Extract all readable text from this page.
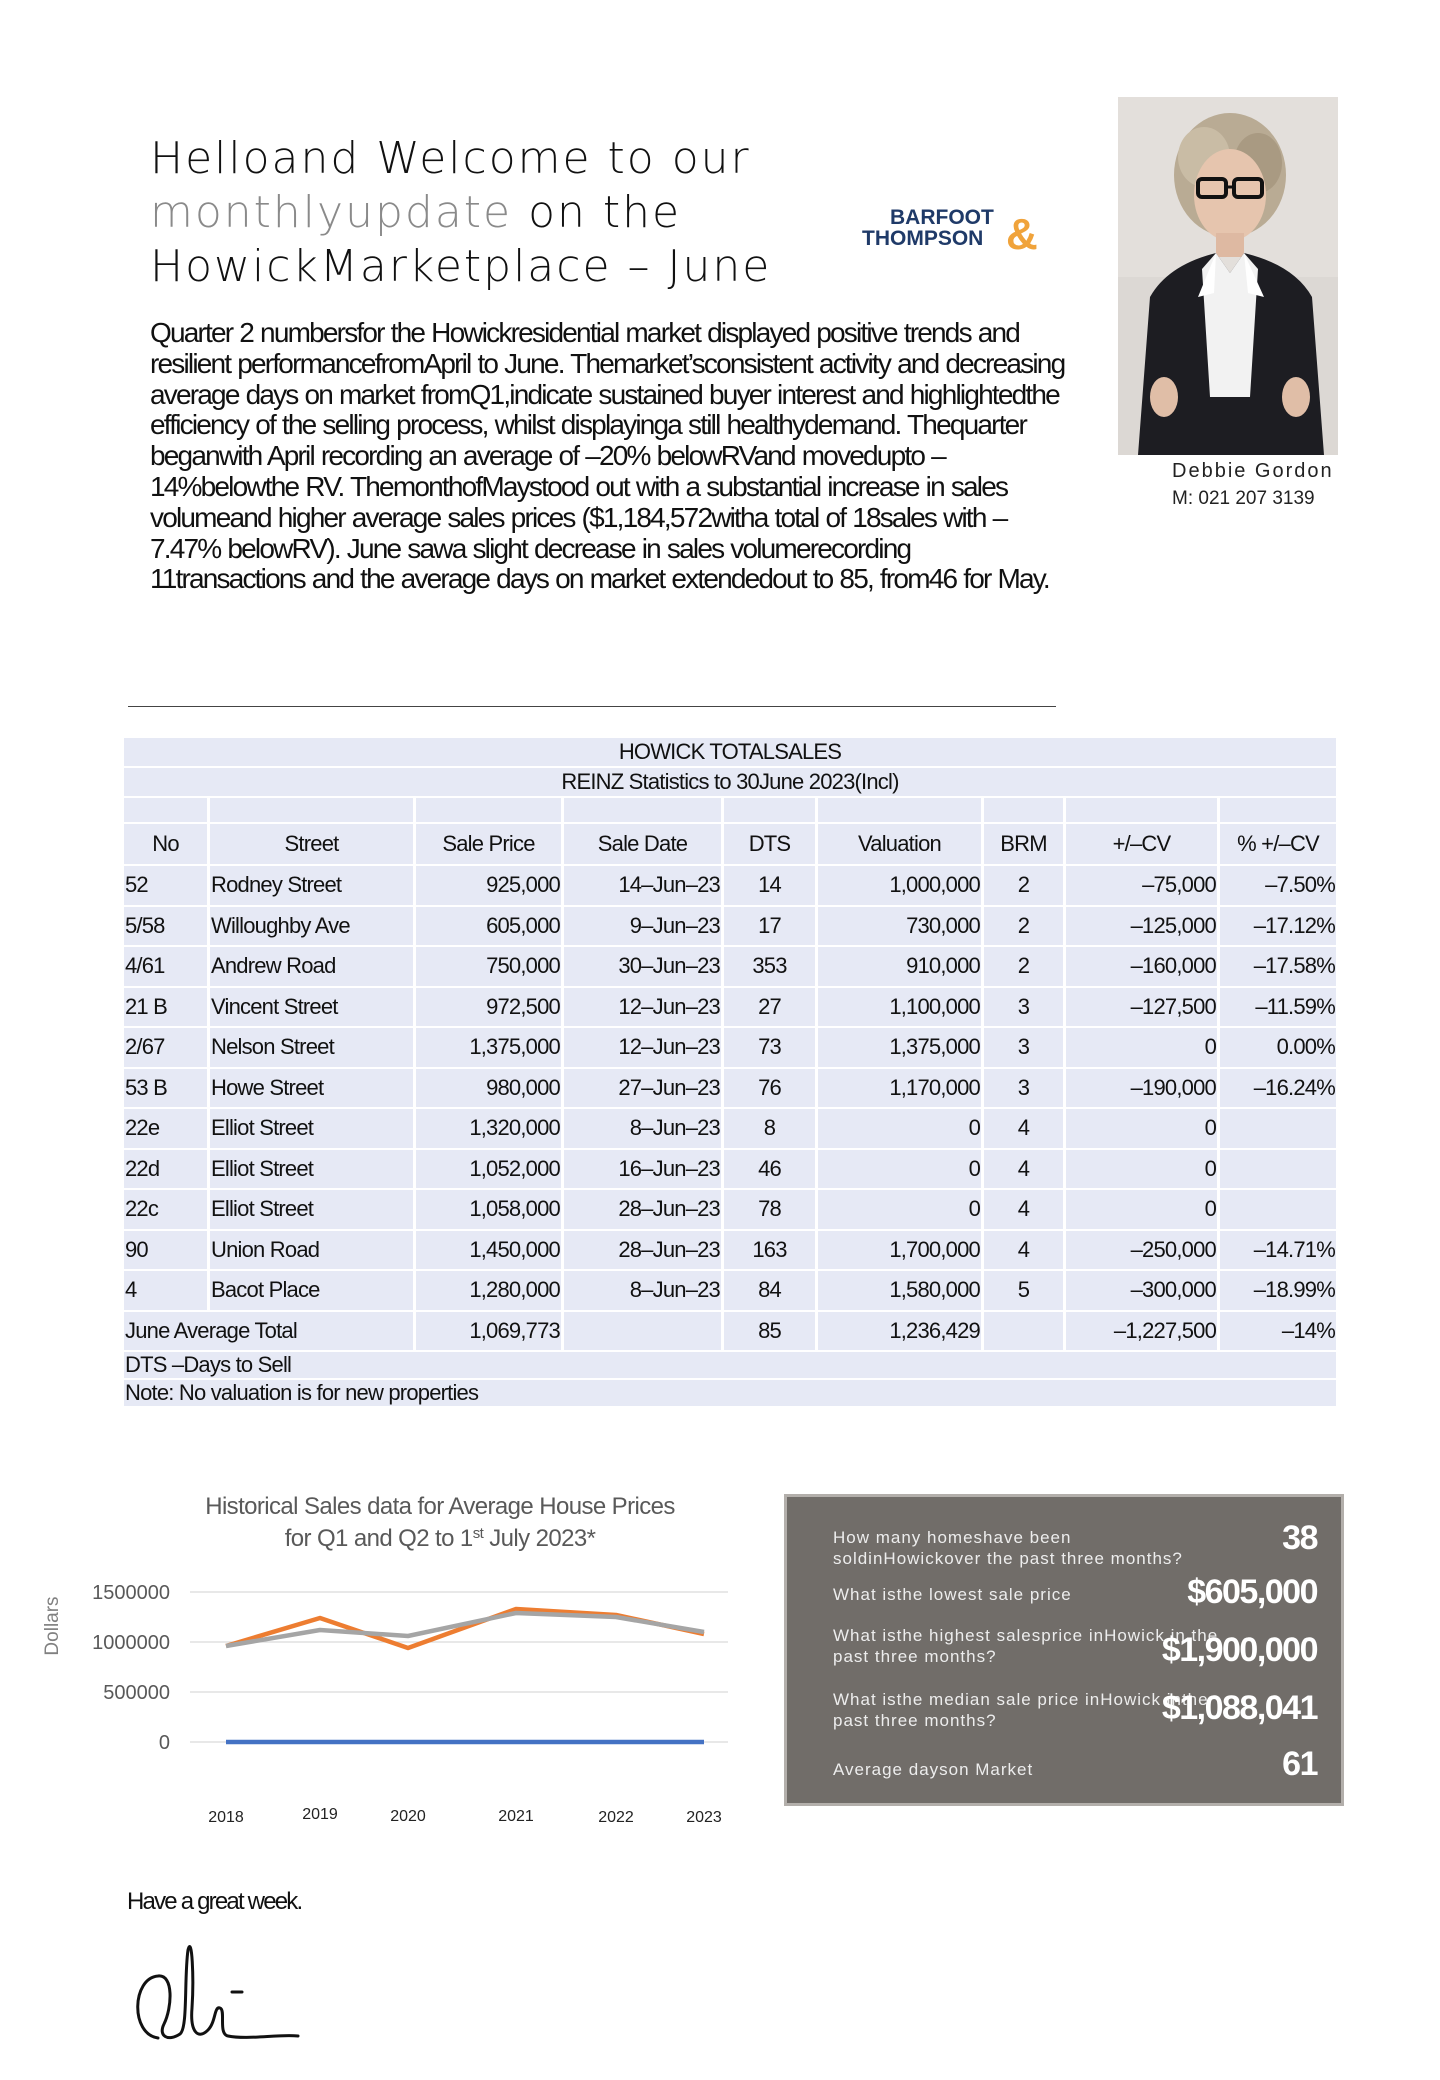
Helloand Welcome to our
monthlyupdate on the
HowickMarketplace – June
BARFOOT
THOMPSON &
Debbie Gordon
M: 021 207 3139
Quarter 2 numbersfor the Howickresidential market displayed positive trends and resilient performancefromApril to June. Themarket’sconsistent activity and decreasing average days on market fromQ1,indicate sustained buyer interest and highlightedthe efficiency of the selling process, whilst displayinga still healthydemand. Thequarter beganwith April recording an average of –20% belowRVand movedupto –14%belowthe RV. ThemonthofMaystood out with a substantial increase in sales volumeand higher average sales prices ($1,184,572witha total of 18sales with –7.47% belowRV). June sawa slight decrease in sales volumerecording 11transactions and the average days on market extendedout to 85, from46 for May.
HOWICK TOTALSALES								
REINZ Statistics to 30June 2023(Incl)								

No	Street	Sale Price	Sale Date	DTS	Valuation	BRM	+/–CV	% +/–CV
52	Rodney Street	925,000	14–Jun–23	14	1,000,000	2	–75,000	–7.50%
5/58	Willoughby Ave	605,000	9–Jun–23	17	730,000	2	–125,000	–17.12%
4/61	Andrew Road	750,000	30–Jun–23	353	910,000	2	–160,000	–17.58%
21 B	Vincent Street	972,500	12–Jun–23	27	1,100,000	3	–127,500	–11.59%
2/67	Nelson Street	1,375,000	12–Jun–23	73	1,375,000	3	0	0.00%
53 B	Howe Street	980,000	27–Jun–23	76	1,170,000	3	–190,000	–16.24%
22e	Elliot Street	1,320,000	8–Jun–23	8	0	4	0	
22d	Elliot Street	1,052,000	16–Jun–23	46	0	4	0	
22c	Elliot Street	1,058,000	28–Jun–23	78	0	4	0	
90	Union Road	1,450,000	28–Jun–23	163	1,700,000	4	–250,000	–14.71%
4	Bacot Place	1,280,000	8–Jun–23	84	1,580,000	5	–300,000	–18.99%
June Average Total		1,069,773		85	1,236,429		–1,227,500	–14%
DTS –Days to Sell								
Note: No valuation is for new properties								
Historical Sales data for Average House Prices
for Q1 and Q2 to 1st July 2023*
Dollars
1500000
1000000
500000
0
2018	2019	2020	2021	2022	2023
How many homeshave been soldinHowickover the past three months?
38
What isthe lowest sale price	$605,000
What isthe highest salesprice inHowick in the past three months?	$1,900,000
What isthe median sale price inHowick inthe past three months?	$1,088,041
Average dayson Market	61
Have a great week.
